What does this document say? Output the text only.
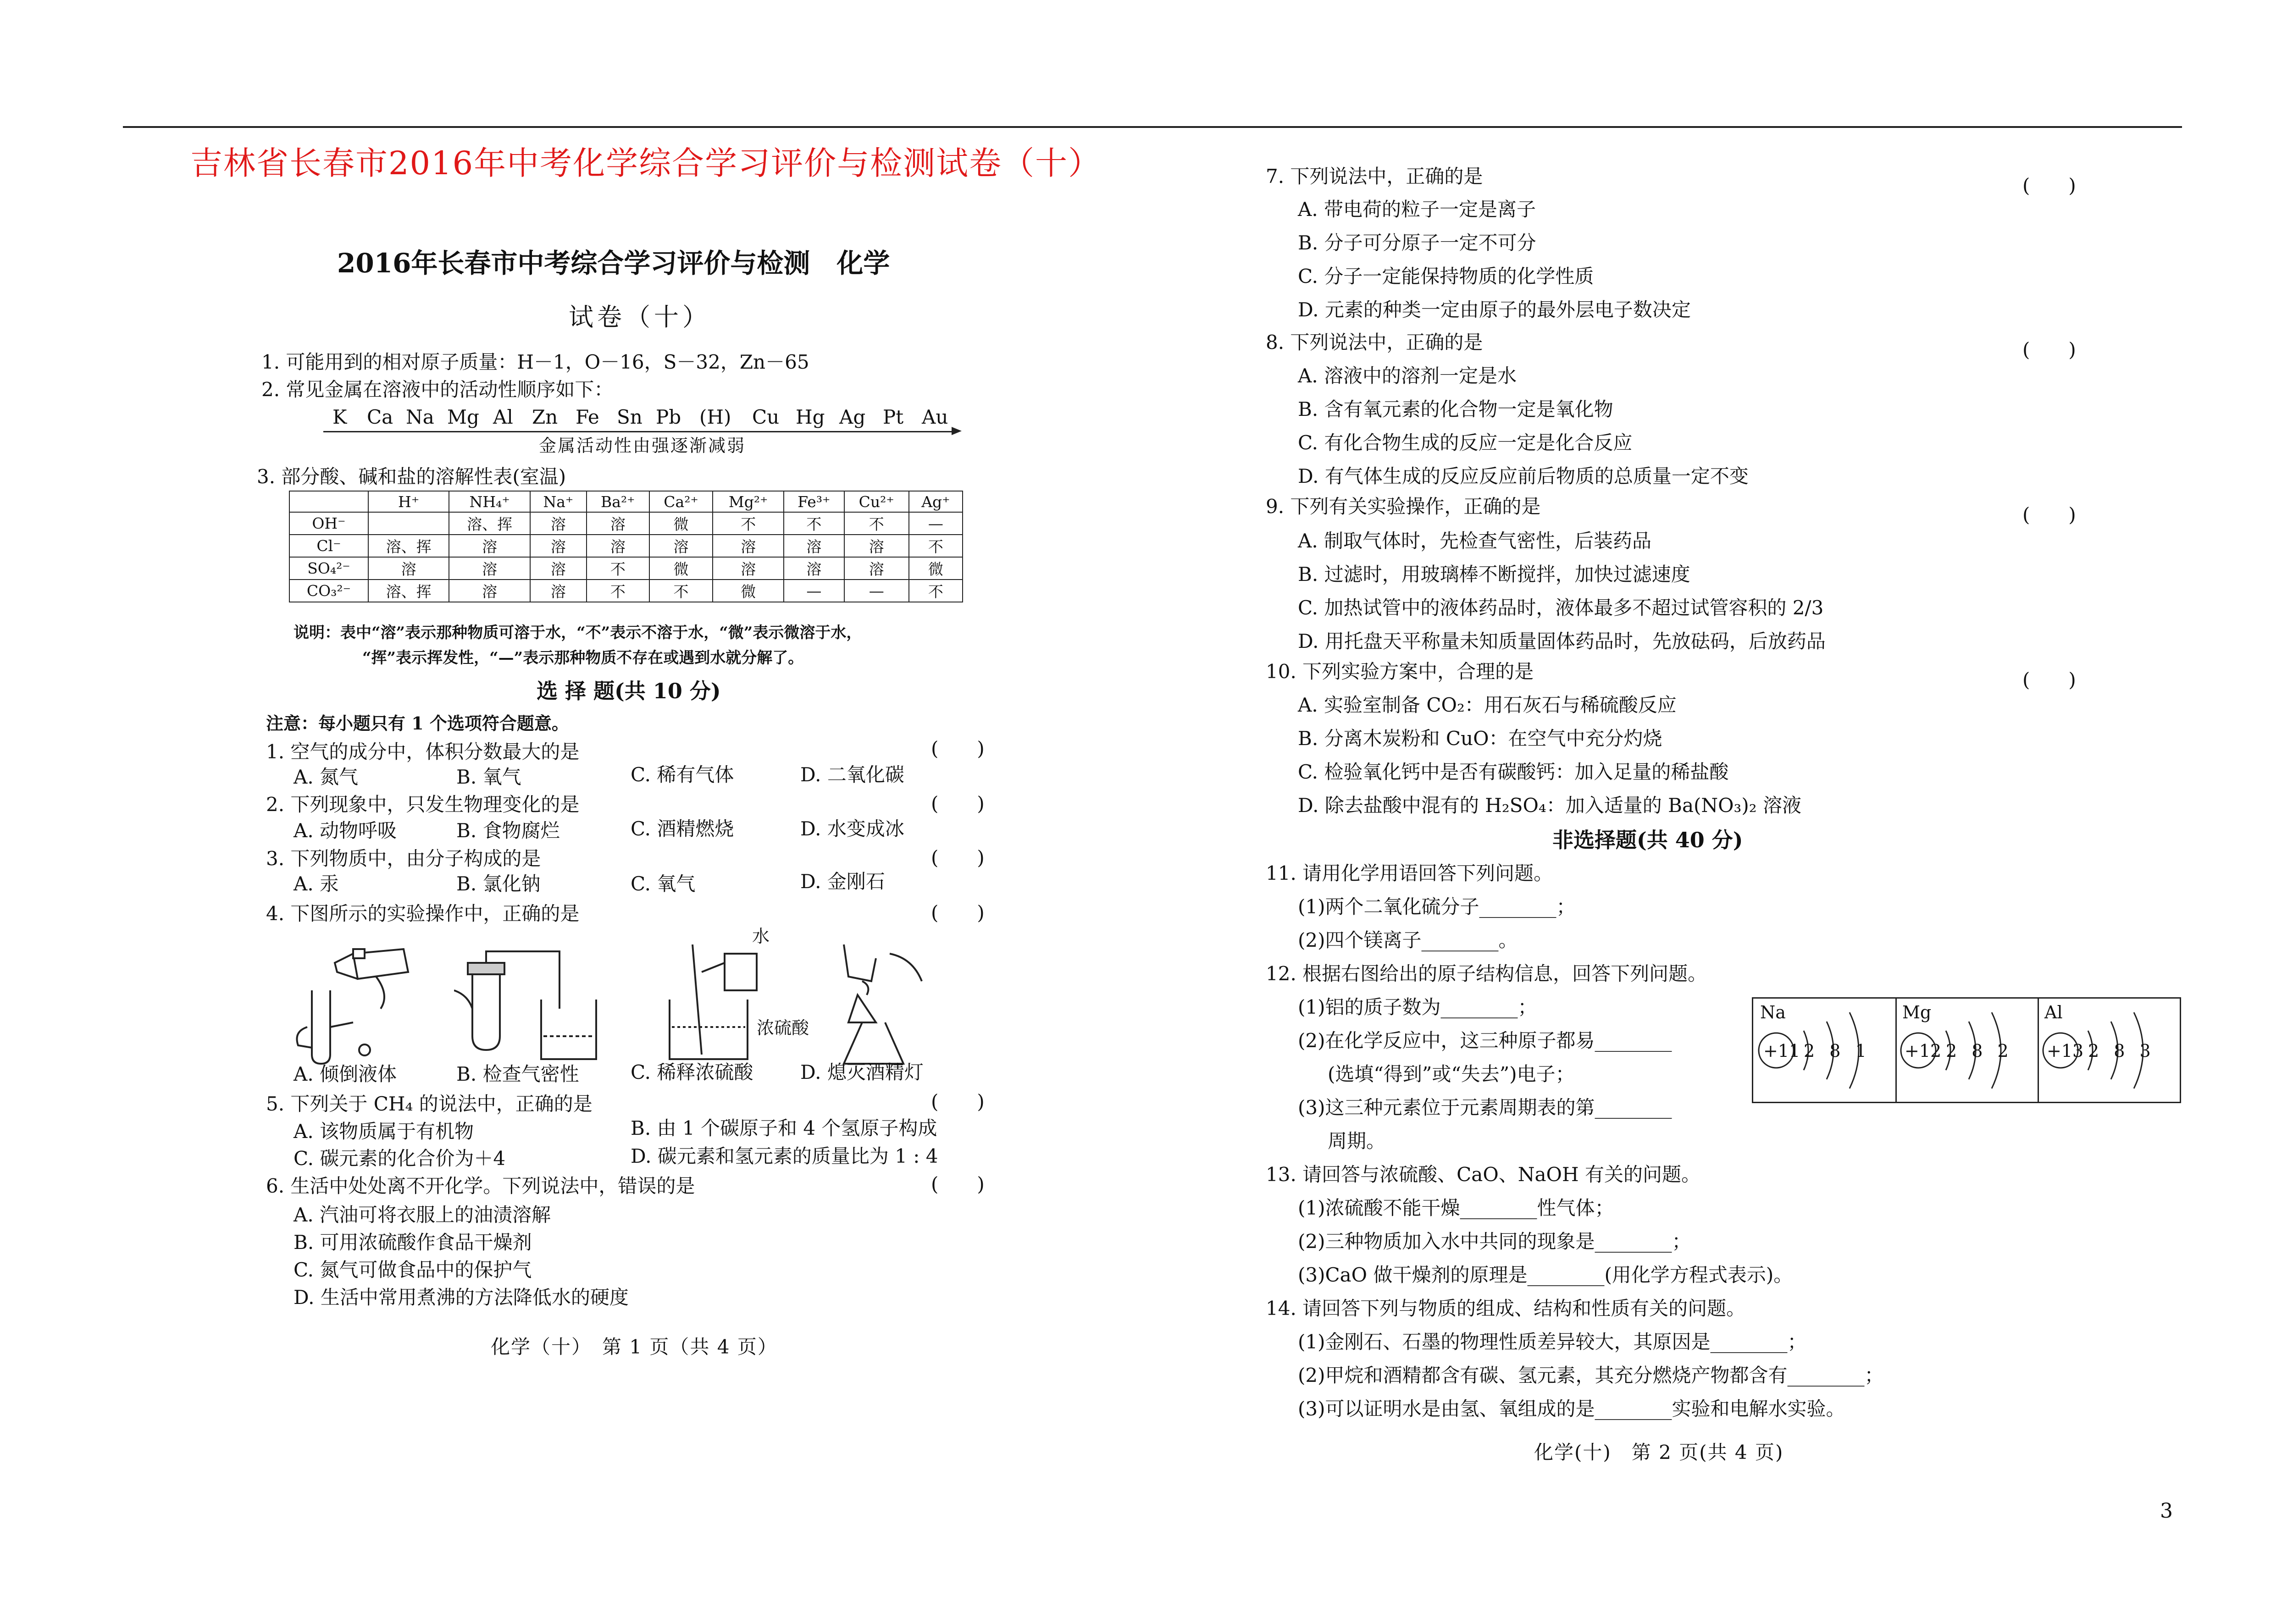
吉林省长春市2016年中考化学综合学习评价与检测试卷（十）
2016年长春市中考综合学习评价与检测　化学
试卷（十）
1. 可能用到的相对原子质量：H－1，O－16，S－32，Zn－65
2. 常见金属在溶液中的活动性顺序如下：
K Ca Na Mg Al Zn Fe Sn Pb (H) Cu Hg Ag Pt Au
金属活动性由强逐渐减弱
3. 部分酸、碱和盐的溶解性表(室温)
	H⁺	NH₄⁺	Na⁺	Ba²⁺	Ca²⁺	Mg²⁺	Fe³⁺	Cu²⁺	Ag⁺
OH⁻		溶、挥	溶	溶	微	不	不	不	—
Cl⁻	溶、挥	溶	溶	溶	溶	溶	溶	溶	不
SO₄²⁻	溶	溶	溶	不	微	溶	溶	溶	微
CO₃²⁻	溶、挥	溶	溶	不	不	微	—	—	不
说明：表中“溶”表示那种物质可溶于水，“不”表示不溶于水，“微”表示微溶于水，
“挥”表示挥发性，“—”表示那种物质不存在或遇到水就分解了。
选 择 题(共 10 分)
注意：每小题只有 1 个选项符合题意。
1. 空气的成分中，体积分数最大的是	(　　)
A. 氮气	B. 氧气	C. 稀有气体	D. 二氧化碳
2. 下列现象中，只发生物理变化的是	(　　)
A. 动物呼吸	B. 食物腐烂	C. 酒精燃烧	D. 水变成冰
3. 下列物质中，由分子构成的是	(　　)
A. 汞	B. 氯化钠	C. 氧气	D. 金刚石
4. 下图所示的实验操作中，正确的是	(　　)
水
浓硫酸
A. 倾倒液体	B. 检查气密性	C. 稀释浓硫酸 D. 熄灭酒精灯
5. 下列关于 CH₄ 的说法中，正确的是	(　　)
A. 该物质属于有机物	B. 由 1 个碳原子和 4 个氢原子构成
C. 碳元素的化合价为＋4	D. 碳元素和氢元素的质量比为 1 : 4
6. 生活中处处离不开化学。下列说法中，错误的是	(　　)
A. 汽油可将衣服上的油渍溶解
B. 可用浓硫酸作食品干燥剂
C. 氮气可做食品中的保护气
D. 生活中常用煮沸的方法降低水的硬度
化学（十）　第 1 页（共 4 页）
7. 下列说法中，正确的是	(　　)
A. 带电荷的粒子一定是离子
B. 分子可分原子一定不可分
C. 分子一定能保持物质的化学性质
D. 元素的种类一定由原子的最外层电子数决定
8. 下列说法中，正确的是	(　　)
A. 溶液中的溶剂一定是水
B. 含有氧元素的化合物一定是氧化物
C. 有化合物生成的反应一定是化合反应
D. 有气体生成的反应反应前后物质的总质量一定不变
9. 下列有关实验操作，正确的是	(　　)
A. 制取气体时，先检查气密性，后装药品
B. 过滤时，用玻璃棒不断搅拌，加快过滤速度
C. 加热试管中的液体药品时，液体最多不超过试管容积的 2/3
D. 用托盘天平称量未知质量固体药品时，先放砝码，后放药品
10. 下列实验方案中，合理的是	(　　)
A. 实验室制备 CO₂：用石灰石与稀硫酸反应
B. 分离木炭粉和 CuO：在空气中充分灼烧
C. 检验氧化钙中是否有碳酸钙：加入足量的稀盐酸
D. 除去盐酸中混有的 H₂SO₄：加入适量的 Ba(NO₃)₂ 溶液
非选择题(共 40 分)
11. 请用化学用语回答下列问题。
(1)两个二氧化硫分子________；
(2)四个镁离子________。
12. 根据右图给出的原子结构信息，回答下列问题。
(1)铝的质子数为________；
(2)在化学反应中，这三种原子都易________
(选填“得到”或“失去”)电子；
(3)这三种元素位于元素周期表的第________
周期。
Na
+11 2 8 1
Mg
+12 2 8 2
Al
+13 2 8 3
13. 请回答与浓硫酸、CaO、NaOH 有关的问题。
(1)浓硫酸不能干燥________性气体；
(2)三种物质加入水中共同的现象是________；
(3)CaO 做干燥剂的原理是________(用化学方程式表示)。
14. 请回答下列与物质的组成、结构和性质有关的问题。
(1)金刚石、石墨的物理性质差异较大，其原因是________；
(2)甲烷和酒精都含有碳、氢元素，其充分燃烧产物都含有________；
(3)可以证明水是由氢、氧组成的是________实验和电解水实验。
化学(十)　第 2 页(共 4 页)
3
